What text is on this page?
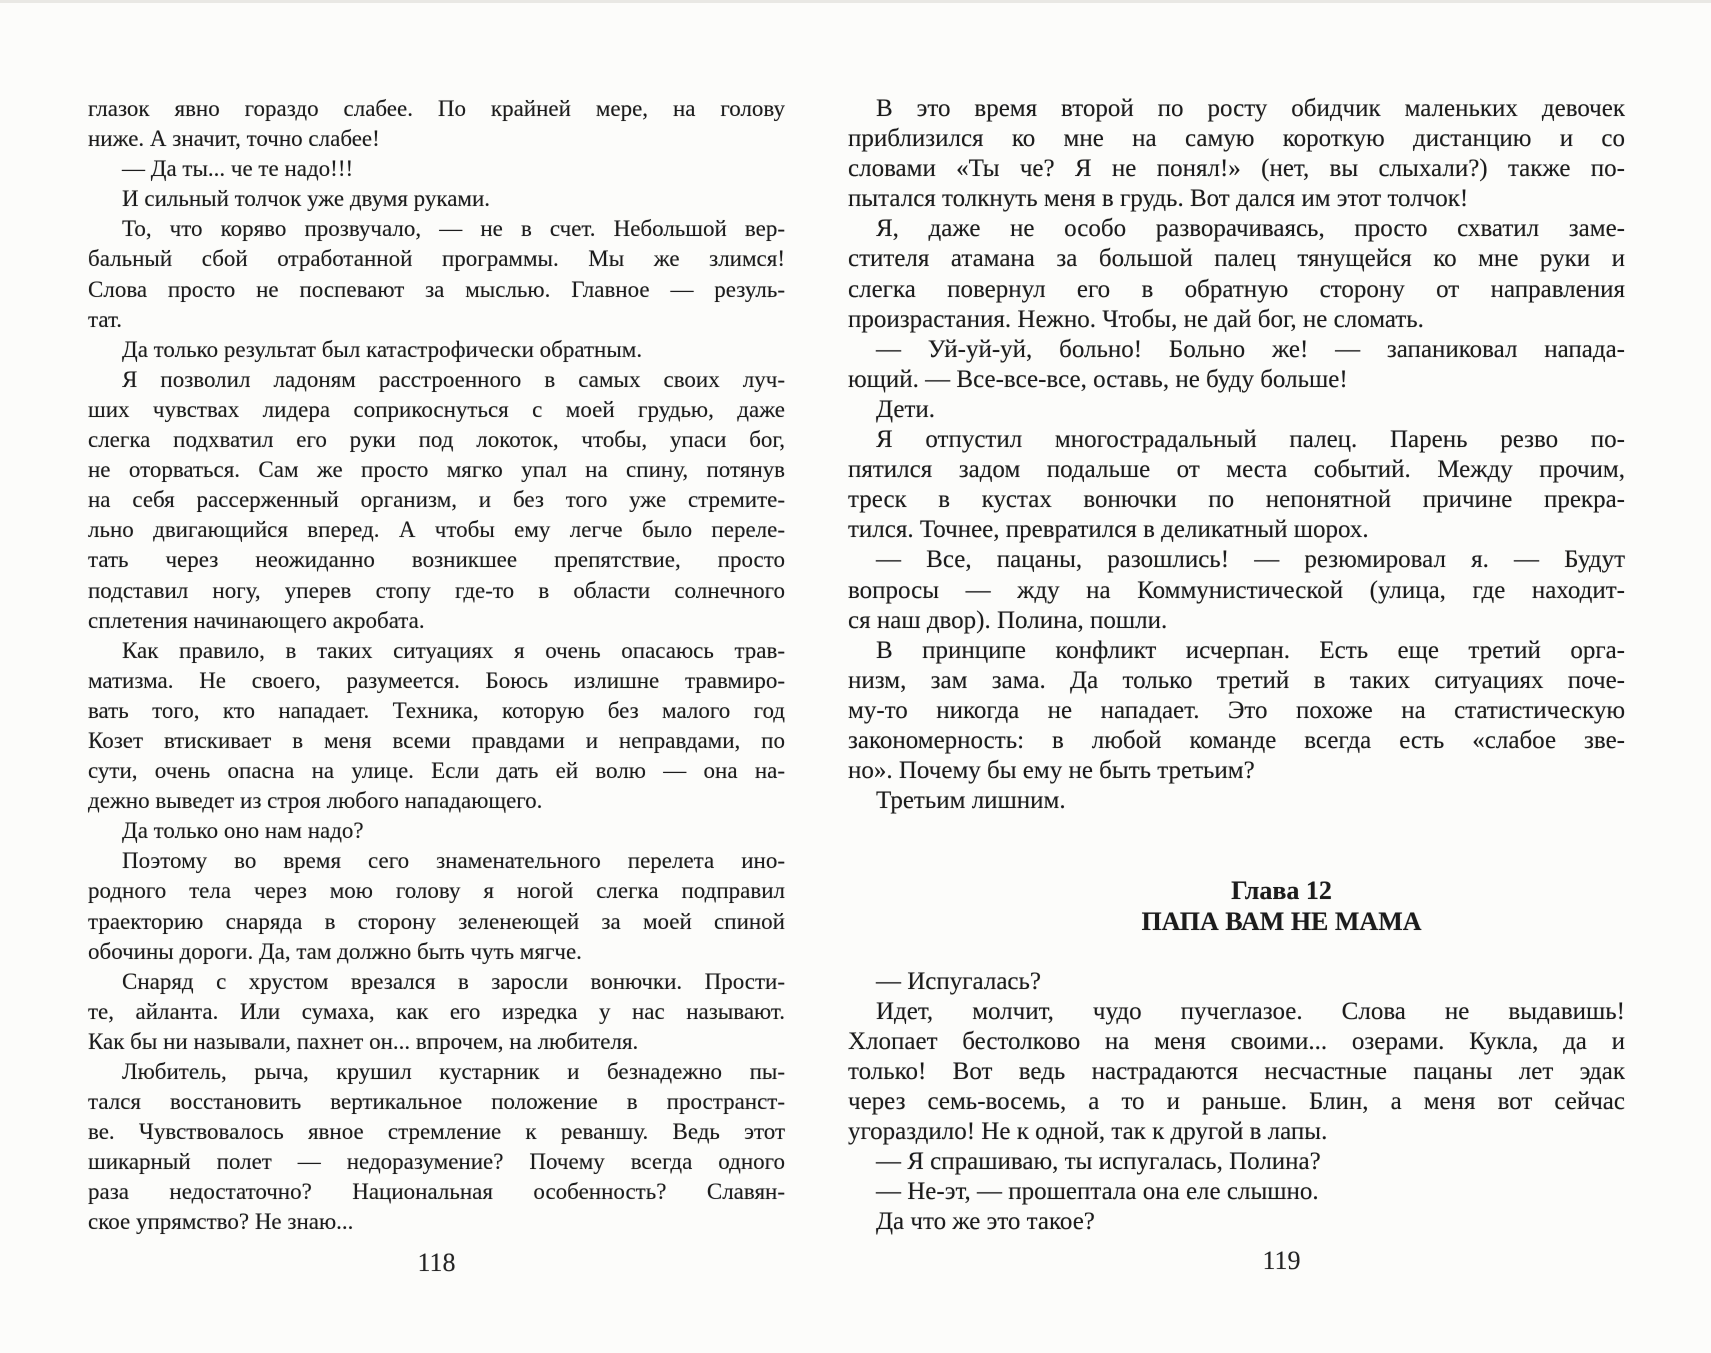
глазок явно гораздо слабее. По крайней мере, на голову
ниже. А значит, точно слабее!
— Да ты... че те надо!!!
И сильный толчок уже двумя руками.
То, что коряво прозвучало, — не в счет. Небольшой вер-
бальный сбой отработанной программы. Мы же злимся!
Слова просто не поспевают за мыслью. Главное — резуль-
тат.
Да только результат был катастрофически обратным.
Я позволил ладоням расстроенного в самых своих луч-
ших чувствах лидера соприкоснуться с моей грудью, даже
слегка подхватил его руки под локоток, чтобы, упаси бог,
не оторваться. Сам же просто мягко упал на спину, потянув
на себя рассерженный организм, и без того уже стремите-
льно двигающийся вперед. А чтобы ему легче было переле-
тать через неожиданно возникшее препятствие, просто
подставил ногу, уперев стопу где-то в области солнечного
сплетения начинающего акробата.
Как правило, в таких ситуациях я очень опасаюсь трав-
матизма. Не своего, разумеется. Боюсь излишне травмиро-
вать того, кто нападает. Техника, которую без малого год
Козет втискивает в меня всеми правдами и неправдами, по
сути, очень опасна на улице. Если дать ей волю — она на-
дежно выведет из строя любого нападающего.
Да только оно нам надо?
Поэтому во время сего знаменательного перелета ино-
родного тела через мою голову я ногой слегка подправил
траекторию снаряда в сторону зеленеющей за моей спиной
обочины дороги. Да, там должно быть чуть мягче.
Снаряд с хрустом врезался в заросли вонючки. Прости-
те, айланта. Или сумаха, как его изредка у нас называют.
Как бы ни называли, пахнет он... впрочем, на любителя.
Любитель, рыча, крушил кустарник и безнадежно пы-
тался восстановить вертикальное положение в пространст-
ве. Чувствовалось явное стремление к реваншу. Ведь этот
шикарный полет — недоразумение? Почему всегда одного
раза недостаточно? Национальная особенность? Славян-
ское упрямство? Не знаю...
В это время второй по росту обидчик маленьких девочек
приблизился ко мне на самую короткую дистанцию и со
словами «Ты че? Я не понял!» (нет, вы слыхали?) также по-
пытался толкнуть меня в грудь. Вот дался им этот толчок!
Я, даже не особо разворачиваясь, просто схватил заме-
стителя атамана за большой палец тянущейся ко мне руки и
слегка повернул его в обратную сторону от направления
произрастания. Нежно. Чтобы, не дай бог, не сломать.
— Уй-уй-уй, больно! Больно же! — запаниковал напада-
ющий. — Все-все-все, оставь, не буду больше!
Дети.
Я отпустил многострадальный палец. Парень резво по-
пятился задом подальше от места событий. Между прочим,
треск в кустах вонючки по непонятной причине прекра-
тился. Точнее, превратился в деликатный шорох.
— Все, пацаны, разошлись! — резюмировал я. — Будут
вопросы — жду на Коммунистической (улица, где находит-
ся наш двор). Полина, пошли.
В принципе конфликт исчерпан. Есть еще третий орга-
низм, зам зама. Да только третий в таких ситуациях поче-
му-то никогда не нападает. Это похоже на статистическую
закономерность: в любой команде всегда есть «слабое зве-
но». Почему бы ему не быть третьим?
Третьим лишним.
Глава 12
ПАПА ВАМ НЕ МАМА
— Испугалась?
Идет, молчит, чудо пучеглазое. Слова не выдавишь!
Хлопает бестолково на меня своими... озерами. Кукла, да и
только! Вот ведь настрадаются несчастные пацаны лет эдак
через семь-восемь, а то и раньше. Блин, а меня вот сейчас
угораздило! Не к одной, так к другой в лапы.
— Я спрашиваю, ты испугалась, Полина?
— Не-эт, — прошептала она еле слышно.
Да что же это такое?
118	119
